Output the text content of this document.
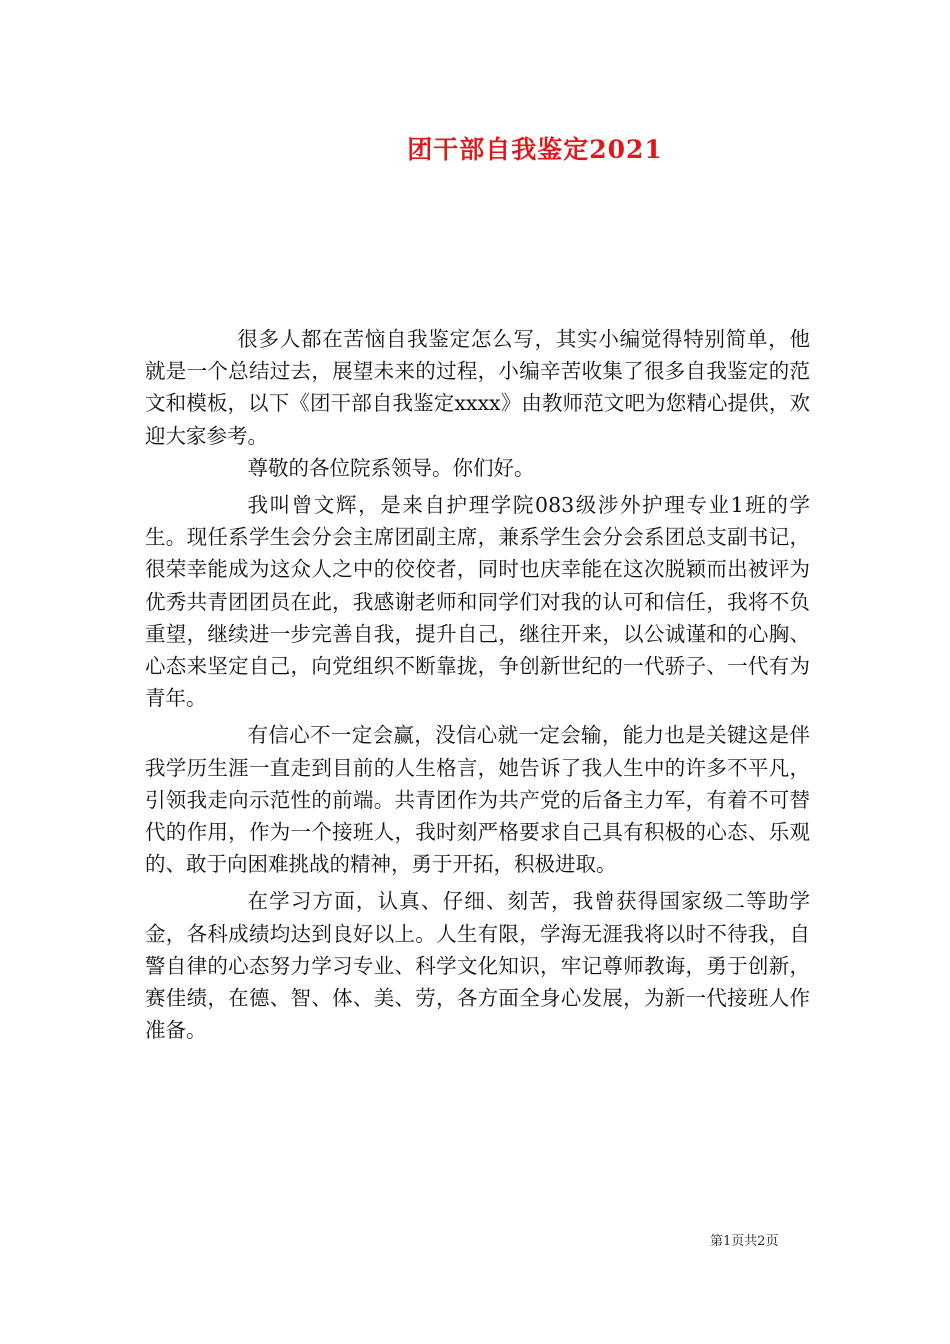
团干部自我鉴定2021

很多人都在苦恼自我鉴定怎么写，其实小编觉得特别简单，他就是一个总结过去，展望未来的过程，小编辛苦收集了很多自我鉴定的范文和模板，以下《团干部自我鉴定xxxx》由教师范文吧为您精心提供，欢迎大家参考。

尊敬的各位院系领导。你们好。

我叫曾文辉，是来自护理学院083级涉外护理专业1班的学生。现任系学生会分会主席团副主席，兼系学生会分会系团总支副书记，很荣幸能成为这众人之中的佼佼者，同时也庆幸能在这次脱颖而出被评为优秀共青团团员在此，我感谢老师和同学们对我的认可和信任，我将不负重望，继续进一步完善自我，提升自己，继往开来，以公诚谨和的心胸、心态来坚定自己，向党组织不断靠拢，争创新世纪的一代骄子、一代有为青年。

有信心不一定会赢，没信心就一定会输，能力也是关键这是伴我学历生涯一直走到目前的人生格言，她告诉了我人生中的许多不平凡，引领我走向示范性的前端。共青团作为共产党的后备主力军，有着不可替代的作用，作为一个接班人，我时刻严格要求自己具有积极的心态、乐观的、敢于向困难挑战的精神，勇于开拓，积极进取。

在学习方面，认真、仔细、刻苦，我曾获得国家级二等助学金，各科成绩均达到良好以上。人生有限，学海无涯我将以时不待我，自警自律的心态努力学习专业、科学文化知识，牢记尊师教诲，勇于创新，赛佳绩，在德、智、体、美、劳，各方面全身心发展，为新一代接班人作准备。

第1页共2页
